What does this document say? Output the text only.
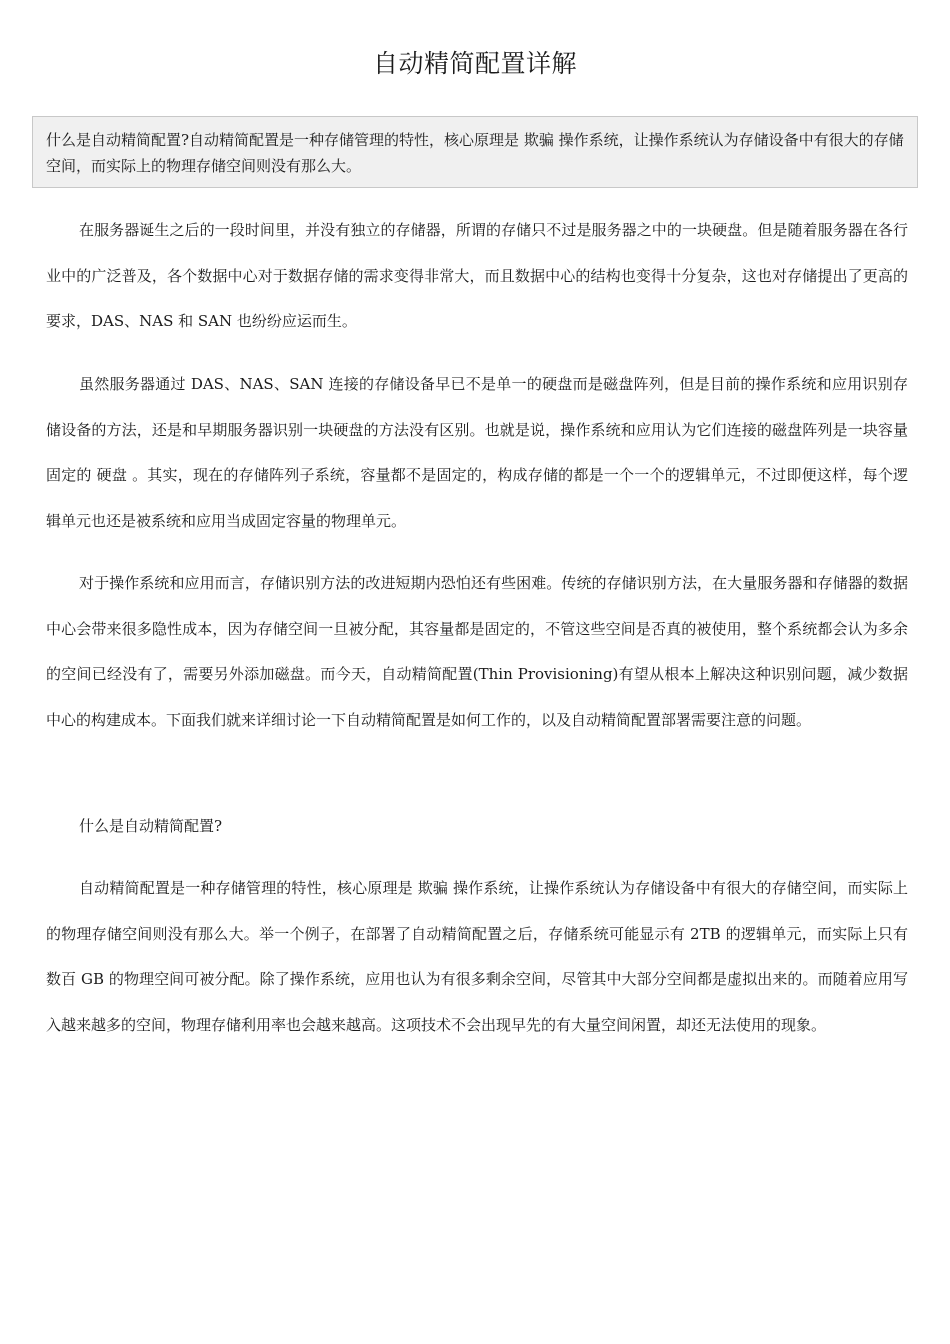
自动精简配置详解
什么是自动精简配置?自动精简配置是一种存储管理的特性，核心原理是 欺骗 操作系统，让操作系统认为存储设备中有很大的存储空间，而实际上的物理存储空间则没有那么大。

在服务器诞生之后的一段时间里，并没有独立的存储器，所谓的存储只不过是服务器之中的一块硬盘。但是随着服务器在各行业中的广泛普及，各个数据中心对于数据存储的需求变得非常大，而且数据中心的结构也变得十分复杂，这也对存储提出了更高的要求，DAS、NAS 和 SAN 也纷纷应运而生。

虽然服务器通过 DAS、NAS、SAN 连接的存储设备早已不是单一的硬盘而是磁盘阵列，但是目前的操作系统和应用识别存储设备的方法，还是和早期服务器识别一块硬盘的方法没有区别。也就是说，操作系统和应用认为它们连接的磁盘阵列是一块容量固定的 硬盘 。其实，现在的存储阵列子系统，容量都不是固定的，构成存储的都是一个一个的逻辑单元，不过即便这样，每个逻辑单元也还是被系统和应用当成固定容量的物理单元。

对于操作系统和应用而言，存储识别方法的改进短期内恐怕还有些困难。传统的存储识别方法，在大量服务器和存储器的数据中心会带来很多隐性成本，因为存储空间一旦被分配，其容量都是固定的，不管这些空间是否真的被使用，整个系统都会认为多余的空间已经没有了，需要另外添加磁盘。而今天，自动精简配置(Thin Provisioning)有望从根本上解决这种识别问题，减少数据中心的构建成本。下面我们就来详细讨论一下自动精简配置是如何工作的，以及自动精简配置部署需要注意的问题。

什么是自动精简配置?

自动精简配置是一种存储管理的特性，核心原理是 欺骗 操作系统，让操作系统认为存储设备中有很大的存储空间，而实际上的物理存储空间则没有那么大。举一个例子，在部署了自动精简配置之后，存储系统可能显示有 2TB 的逻辑单元，而实际上只有数百 GB 的物理空间可被分配。除了操作系统，应用也认为有很多剩余空间，尽管其中大部分空间都是虚拟出来的。而随着应用写入越来越多的空间，物理存储利用率也会越来越高。这项技术不会出现早先的有大量空间闲置，却还无法使用的现象。
